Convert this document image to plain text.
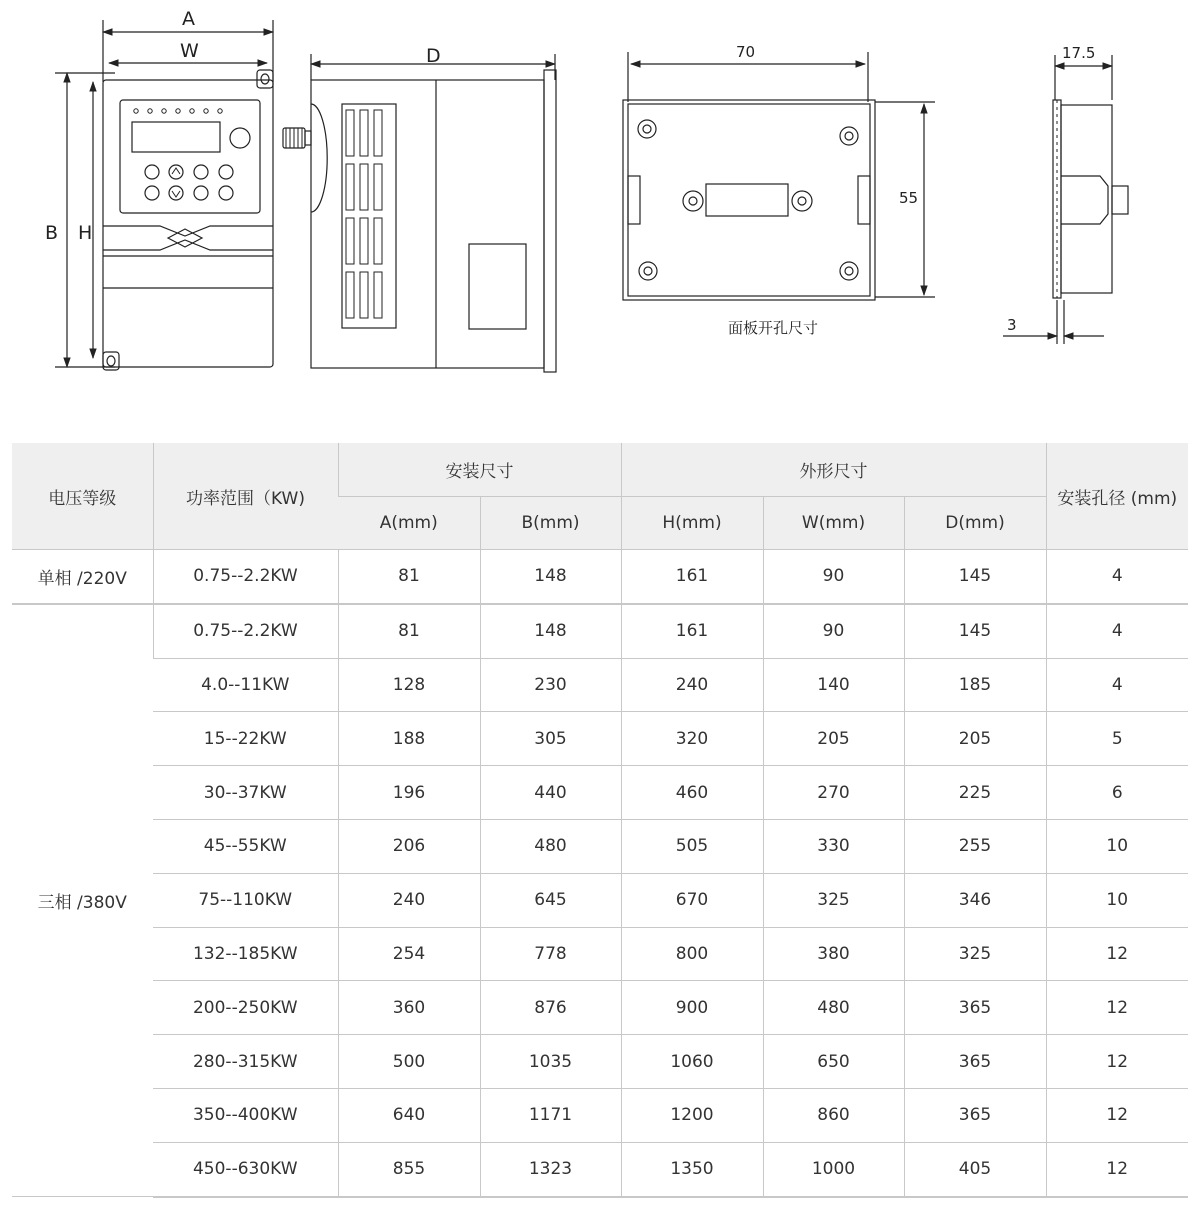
A
W
B H
D	70
55
面板开孔尺寸
17.5
3
电压等级	功率范围（KW)	安装尺寸		外形尺寸			安装孔径 (mm)
		A(mm)	B(mm)	H(mm)	W(mm)	D(mm)	
单相 /220V	0.75--2.2KW	81	148	161	90	145	4
三相 /380V	0.75--2.2KW	81	148	161	90	145	4
	4.0--11KW	128	230	240	140	185	4
	15--22KW	188	305	320	205	205	5
	30--37KW	196	440	460	270	225	6
	45--55KW	206	480	505	330	255	10
	75--110KW	240	645	670	325	346	10
	132--185KW	254	778	800	380	325	12
	200--250KW	360	876	900	480	365	12
	280--315KW	500	1035	1060	650	365	12
	350--400KW	640	1171	1200	860	365	12
	450--630KW	855	1323	1350	1000	405	12
